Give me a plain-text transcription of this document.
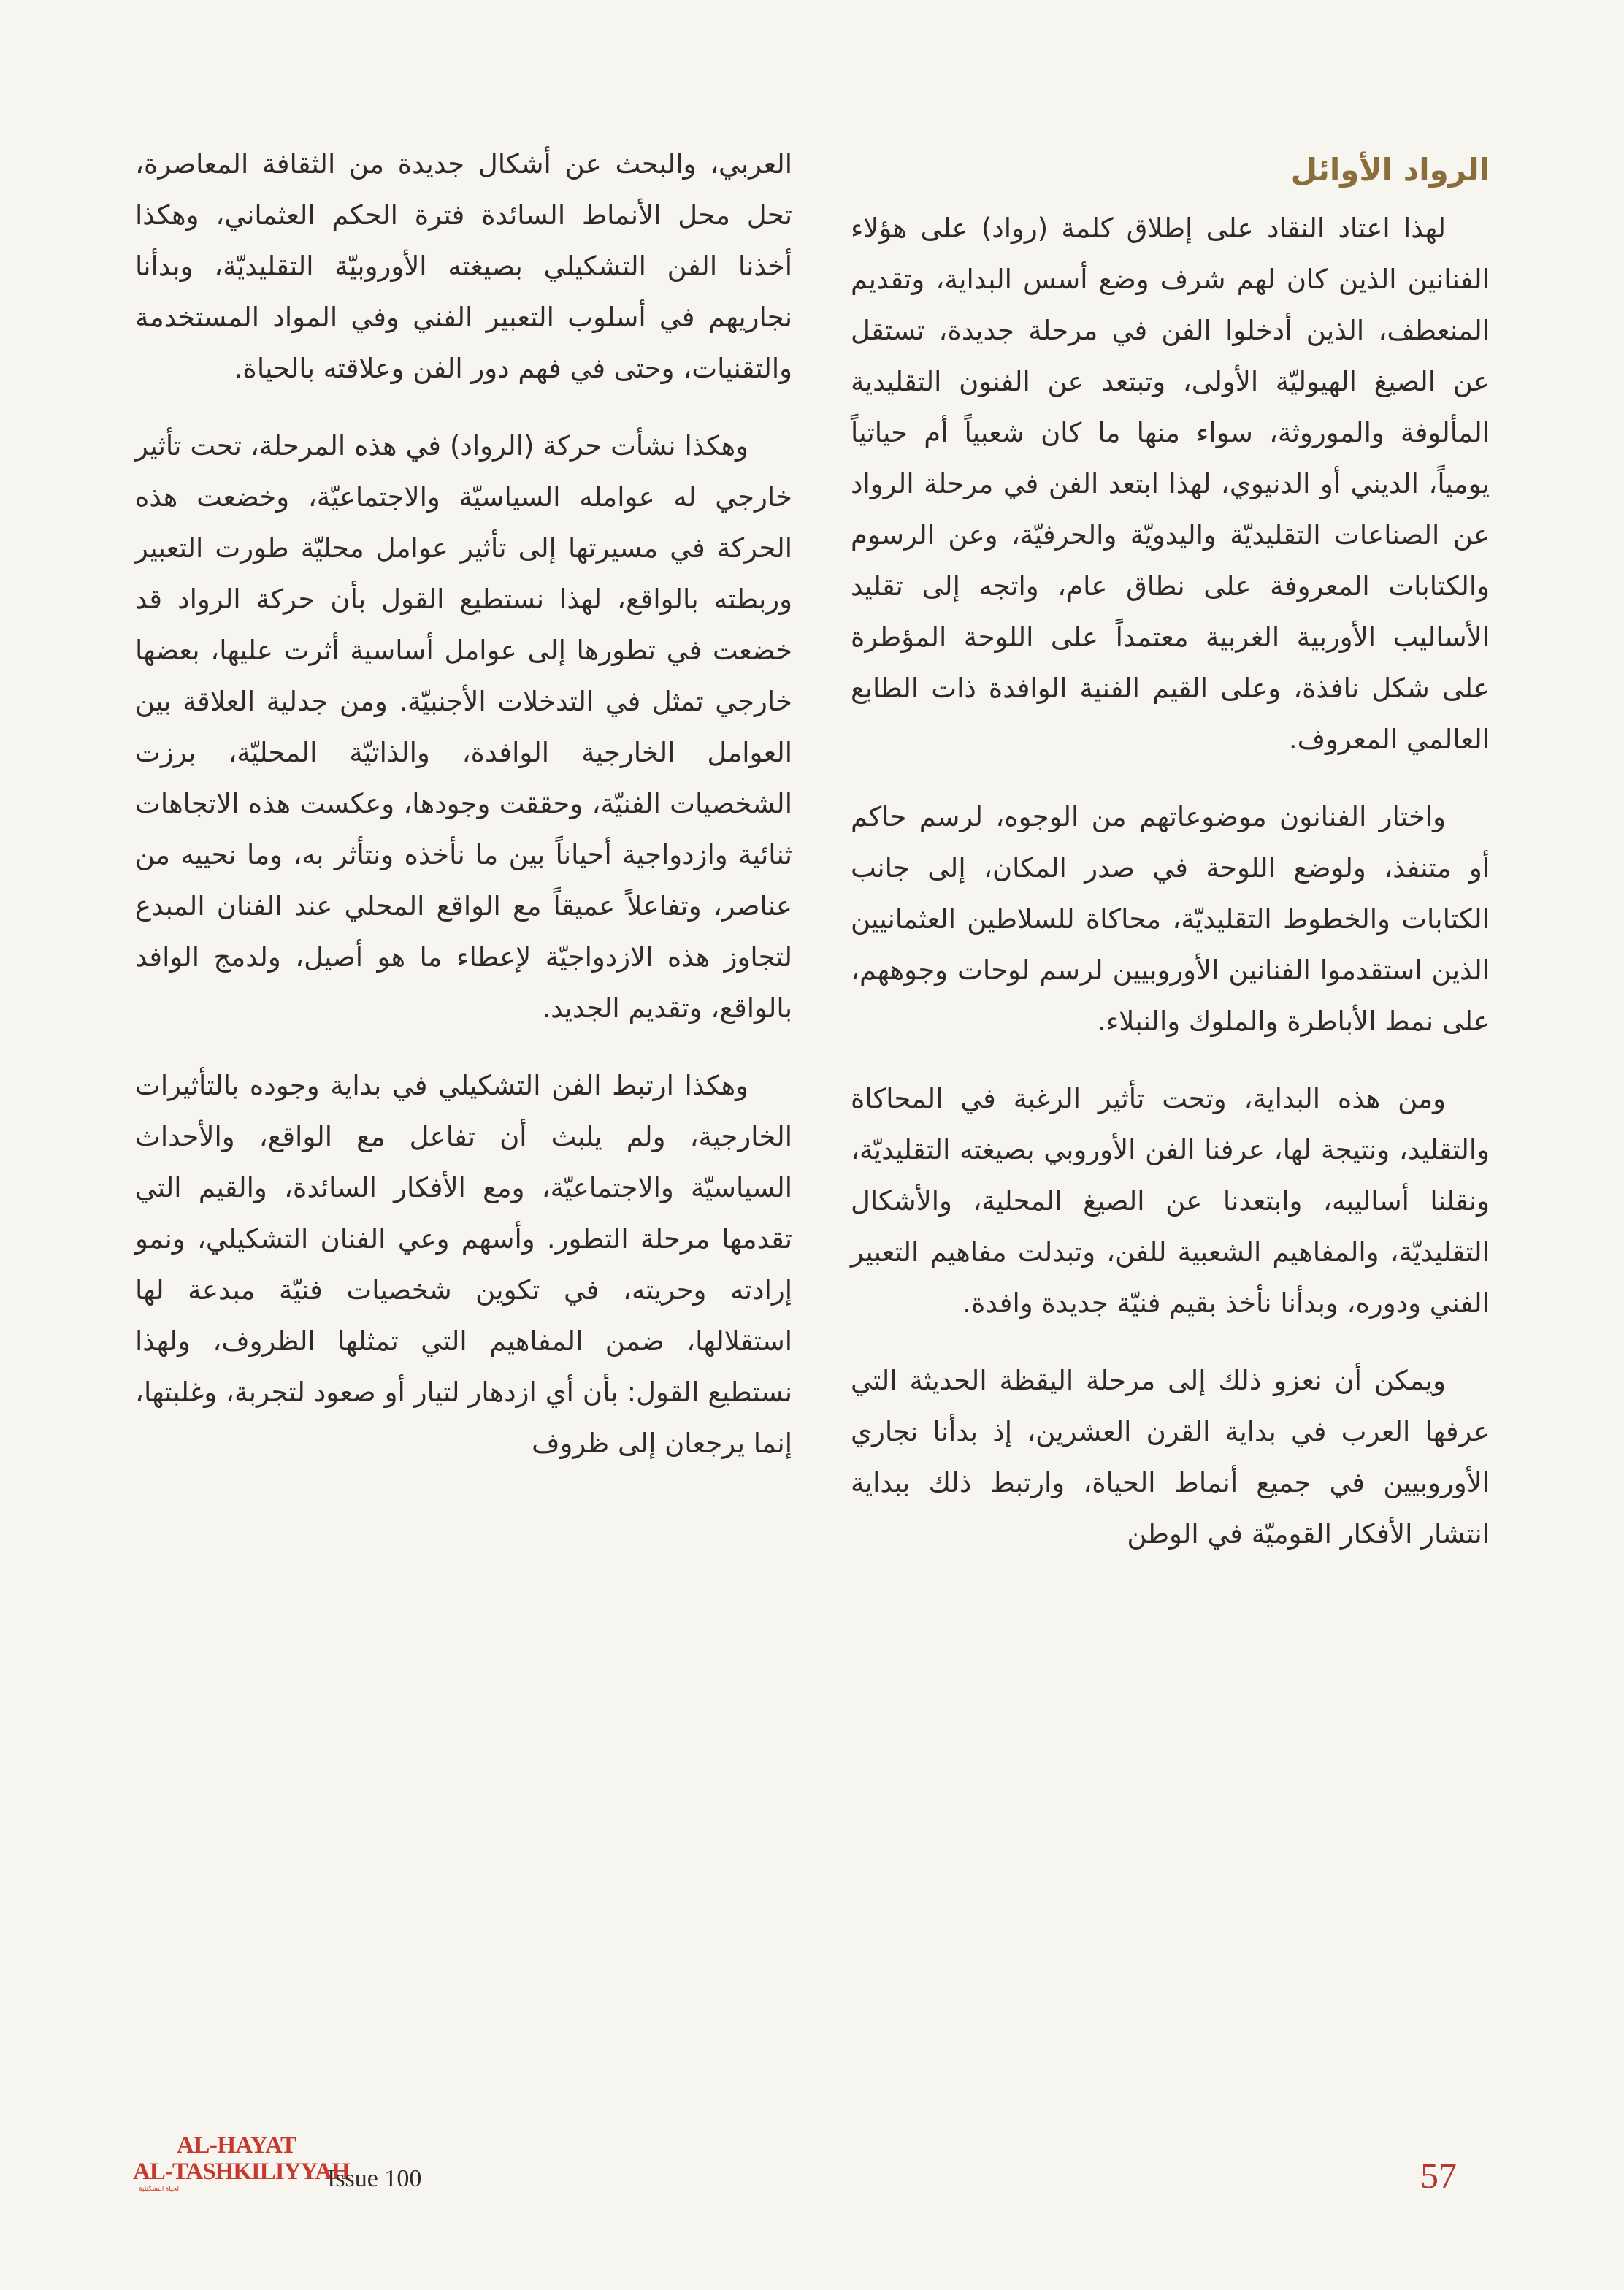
الرواد الأوائل

لهذا اعتاد النقاد على إطلاق كلمة (رواد) على هؤلاء الفنانين الذين كان لهم شرف وضع أسس البداية، وتقديم المنعطف، الذين أدخلوا الفن في مرحلة جديدة، تستقل عن الصيغ الهيوليّة الأولى، وتبتعد عن الفنون التقليدية المألوفة والموروثة، سواء منها ما كان شعبياً أم حياتياً يومياً، الديني أو الدنيوي، لهذا ابتعد الفن في مرحلة الرواد عن الصناعات التقليديّة واليدويّة والحرفيّة، وعن الرسوم والكتابات المعروفة على نطاق عام، واتجه إلى تقليد الأساليب الأوربية الغربية معتمداً على اللوحة المؤطرة على شكل نافذة، وعلى القيم الفنية الوافدة ذات الطابع العالمي المعروف.

واختار الفنانون موضوعاتهم من الوجوه، لرسم حاكم أو متنفذ، ولوضع اللوحة في صدر المكان، إلى جانب الكتابات والخطوط التقليديّة، محاكاة للسلاطين العثمانيين الذين استقدموا الفنانين الأوروبيين لرسم لوحات وجوههم، على نمط الأباطرة والملوك والنبلاء.

ومن هذه البداية، وتحت تأثير الرغبة في المحاكاة والتقليد، ونتيجة لها، عرفنا الفن الأوروبي بصيغته التقليديّة، ونقلنا أساليبه، وابتعدنا عن الصيغ المحلية، والأشكال التقليديّة، والمفاهيم الشعبية للفن، وتبدلت مفاهيم التعبير الفني ودوره، وبدأنا نأخذ بقيم فنيّة جديدة وافدة.

ويمكن أن نعزو ذلك إلى مرحلة اليقظة الحديثة التي عرفها العرب في بداية القرن العشرين، إذ بدأنا نجاري الأوروبيين في جميع أنماط الحياة، وارتبط ذلك ببداية انتشار الأفكار القوميّة في الوطن

العربي، والبحث عن أشكال جديدة من الثقافة المعاصرة، تحل محل الأنماط السائدة فترة الحكم العثماني، وهكذا أخذنا الفن التشكيلي بصيغته الأوروبيّة التقليديّة، وبدأنا نجاريهم في أسلوب التعبير الفني وفي المواد المستخدمة والتقنيات، وحتى في فهم دور الفن وعلاقته بالحياة.

وهكذا نشأت حركة (الرواد) في هذه المرحلة، تحت تأثير خارجي له عوامله السياسيّة والاجتماعيّة، وخضعت هذه الحركة في مسيرتها إلى تأثير عوامل محليّة طورت التعبير وربطته بالواقع، لهذا نستطيع القول بأن حركة الرواد قد خضعت في تطورها إلى عوامل أساسية أثرت عليها، بعضها خارجي تمثل في التدخلات الأجنبيّة. ومن جدلية العلاقة بين العوامل الخارجية الوافدة، والذاتيّة المحليّة، برزت الشخصيات الفنيّة، وحققت وجودها، وعكست هذه الاتجاهات ثنائية وازدواجية أحياناً بين ما نأخذه ونتأثر به، وما نحييه من عناصر، وتفاعلاً عميقاً مع الواقع المحلي عند الفنان المبدع لتجاوز هذه الازدواجيّة لإعطاء ما هو أصيل، ولدمج الوافد بالواقع، وتقديم الجديد.

وهكذا ارتبط الفن التشكيلي في بداية وجوده بالتأثيرات الخارجية، ولم يلبث أن تفاعل مع الواقع، والأحداث السياسيّة والاجتماعيّة، ومع الأفكار السائدة، والقيم التي تقدمها مرحلة التطور. وأسهم وعي الفنان التشكيلي، ونمو إرادته وحريته، في تكوين شخصيات فنيّة مبدعة لها استقلالها، ضمن المفاهيم التي تمثلها الظروف، ولهذا نستطيع القول: بأن أي ازدهار لتيار أو صعود لتجربة، وغلبتها، إنما يرجعان إلى ظروف

AL-HAYAT
AL-TASHKILIYYAH
الحياة التشكيلية	Issue 100	57
